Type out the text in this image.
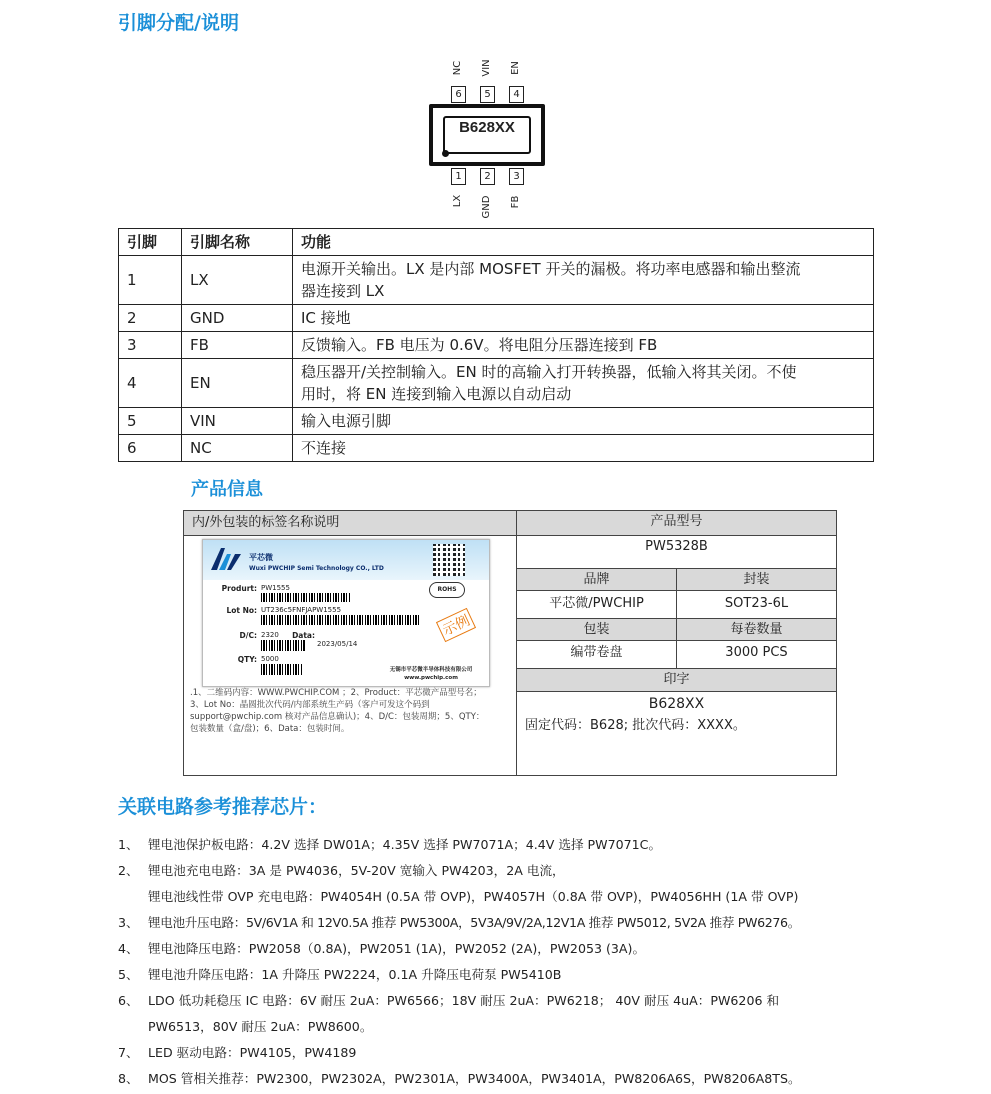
引脚分配/说明
NC VIN EN
6	5	4
B628XX
1	2	3
LX GND FB
引脚	引脚名称	功能
1	LX	电源开关输出。LX 是内部 MOSFET 开关的漏极。将功率电感器和输出整流
器连接到 LX

2	GND	IC 接地
3	FB	反馈输入。FB 电压为 0.6V。将电阻分压器连接到 FB
4	EN	稳压器开/关控制输入。EN 时的高输入打开转换器，低输入将其关闭。不使
用时，将 EN 连接到输入电源以自动启动

5	VIN	输入电源引脚
6	NC	不连接
产品信息
内/外包装的标签名称说明
平芯微
Wuxi PWCHIP Semi Technology CO., LTD
Produrt: PW1555	ROHS
Lot No: UT236c5FNFJAPW1555
示例
D/C: 2320	Data:
2023/05/14
QTY: 5000
无锡市平芯微半导体科技有限公司
www.pwchip.com
.1、二维码内容：WWW.PWCHIP.COM ；2、Product：平芯微产品型号名；
3、Lot No：晶圆批次代码/内部系统生产码（客户可发这个码到
support@pwchip.com 核对产品信息确认)；4、D/C：包装周期；5、QTY：
包装数量（盒/盘)；6、Data：包装时间。
产品型号
PW5328B
品牌	封装
平芯微/PWCHIP	SOT23-6L
包装	每卷数量
编带卷盘	3000 PCS
印字
B628XX
固定代码：B628; 批次代码：XXXX。
关联电路参考推荐芯片：
1、 锂电池保护板电路：4.2V 选择 DW01A；4.35V 选择 PW7071A；4.4V 选择 PW7071C。
2、 锂电池充电电路：3A 是 PW4036，5V-20V 宽输入 PW4203，2A 电流，
锂电池线性带 OVP 充电电路：PW4054H (0.5A 带 OVP)，PW4057H（0.8A 带 OVP)，PW4056HH (1A 带 OVP)
3、 锂电池升压电路：5V/6V1A 和 12V0.5A 推荐 PW5300A，5V3A/9V/2A,12V1A 推荐 PW5012, 5V2A 推荐 PW6276。
4、 锂电池降压电路：PW2058（0.8A)，PW2051 (1A)，PW2052 (2A)，PW2053 (3A)。
5、 锂电池升降压电路：1A 升降压 PW2224，0.1A 升降压电荷泵 PW5410B
6、 LDO 低功耗稳压 IC 电路：6V 耐压 2uA：PW6566；18V 耐压 2uA：PW6218； 40V 耐压 4uA：PW6206 和
PW6513，80V 耐压 2uA：PW8600。
7、 LED 驱动电路：PW4105，PW4189
8、 MOS 管相关推荐：PW2300，PW2302A，PW2301A，PW3400A，PW3401A，PW8206A6S，PW8206A8TS。
